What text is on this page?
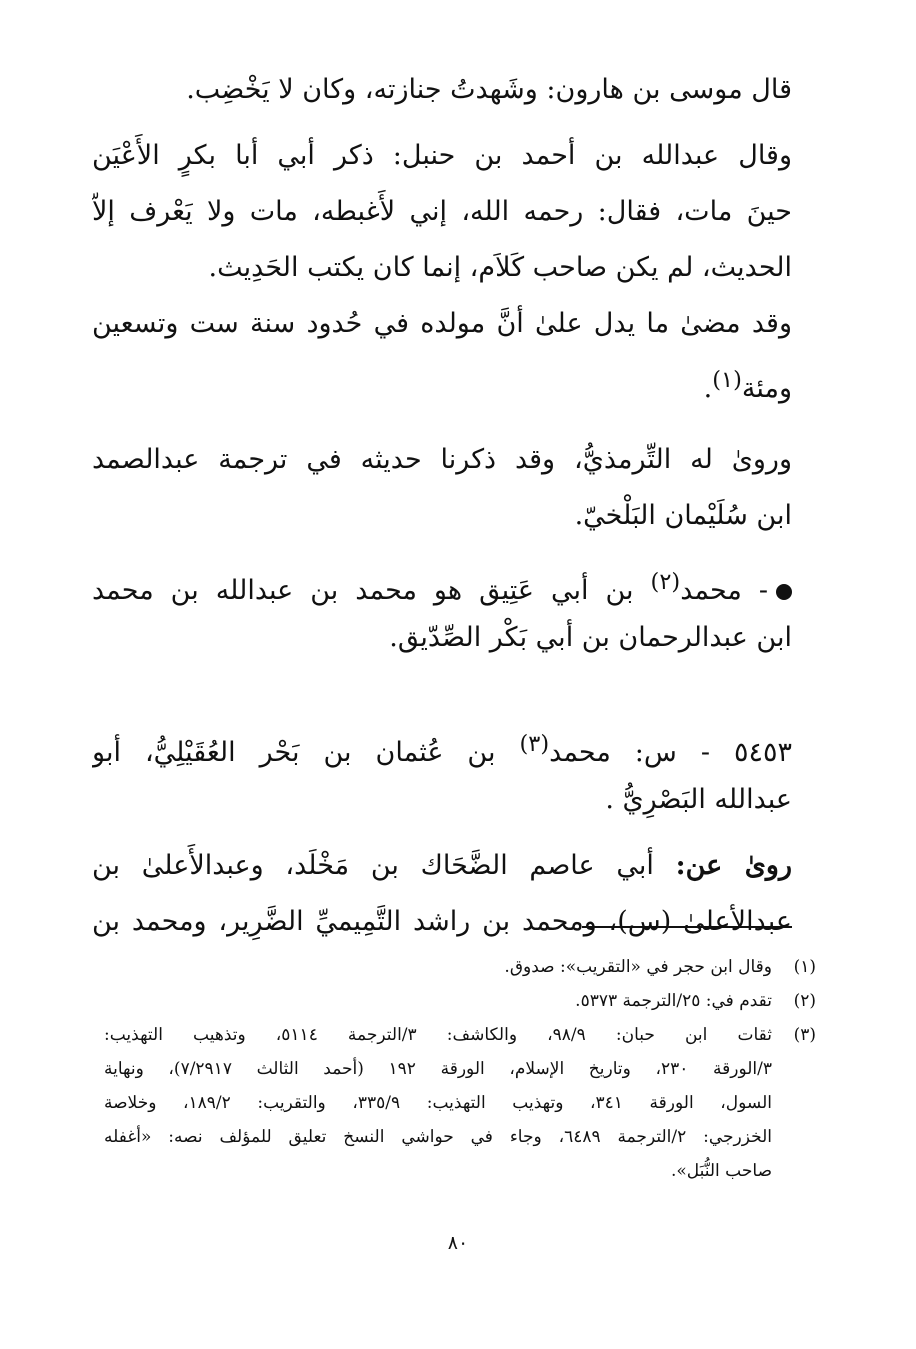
قال موسى بن هارون: وشَهدتُ جنازته، وكان لا يَخْضِب.
وقال عبدالله بن أحمد بن حنبل: ذكر أبي أبا بكرٍ الأَعْيَن
حينَ مات، فقال: رحمه الله، إني لأَغبطه، مات ولا يَعْرف إلاّ
الحديث، لم يكن صاحب كَلاَم، إنما كان يكتب الحَدِيث.
وقد مضىٰ ما يدل علىٰ أنَّ مولده في حُدود سنة ست وتسعين
ومئة$^{(١)}$.
وروىٰ له التِّرمذيُّ، وقد ذكرنا حديثه في ترجمة عبدالصمد
ابن سُلَيْمان البَلْخيّ.
- محمد$^{(٢)}$ بن أبي عَتِيق هو محمد بن عبدالله بن محمد
ابن عبدالرحمان بن أبي بَكْر الصِّدّيق.
٥٤٥٣ - س: محمد$^{(٣)}$ بن عُثمان بن بَحْر العُقَيْلِيُّ، أبو
عبدالله البَصْرِيُّ .
روىٰ عن: أبي عاصم الضَّحَاك بن مَخْلَد، وعبدالأَعلىٰ بن
عبدالأعلىٰ (س)، ومحمد بن راشد التَّمِيميِّ الضَّرِير، ومحمد بن
(١)
وقال ابن حجر في «التقريب»: صدوق.
(٢)
تقدم في: ٢٥/الترجمة ٥٣٧٣.
(٣)
ثقات ابن حبان: ٩٨/٩، والكاشف: ٣/الترجمة ٥١١٤، وتذهيب التهذيب:
٣/الورقة ٢٣٠، وتاريخ الإسلام، الورقة ١٩٢ (أحمد الثالث ٧/٢٩١٧)، ونهاية
السول، الورقة ٣٤١، وتهذيب التهذيب: ٣٣٥/٩، والتقريب: ١٨٩/٢، وخلاصة
الخزرجي: ٢/الترجمة ٦٤٨٩، وجاء في حواشي النسخ تعليق للمؤلف نصه: «أغفله
صاحب النُّبَل».
٨٠
